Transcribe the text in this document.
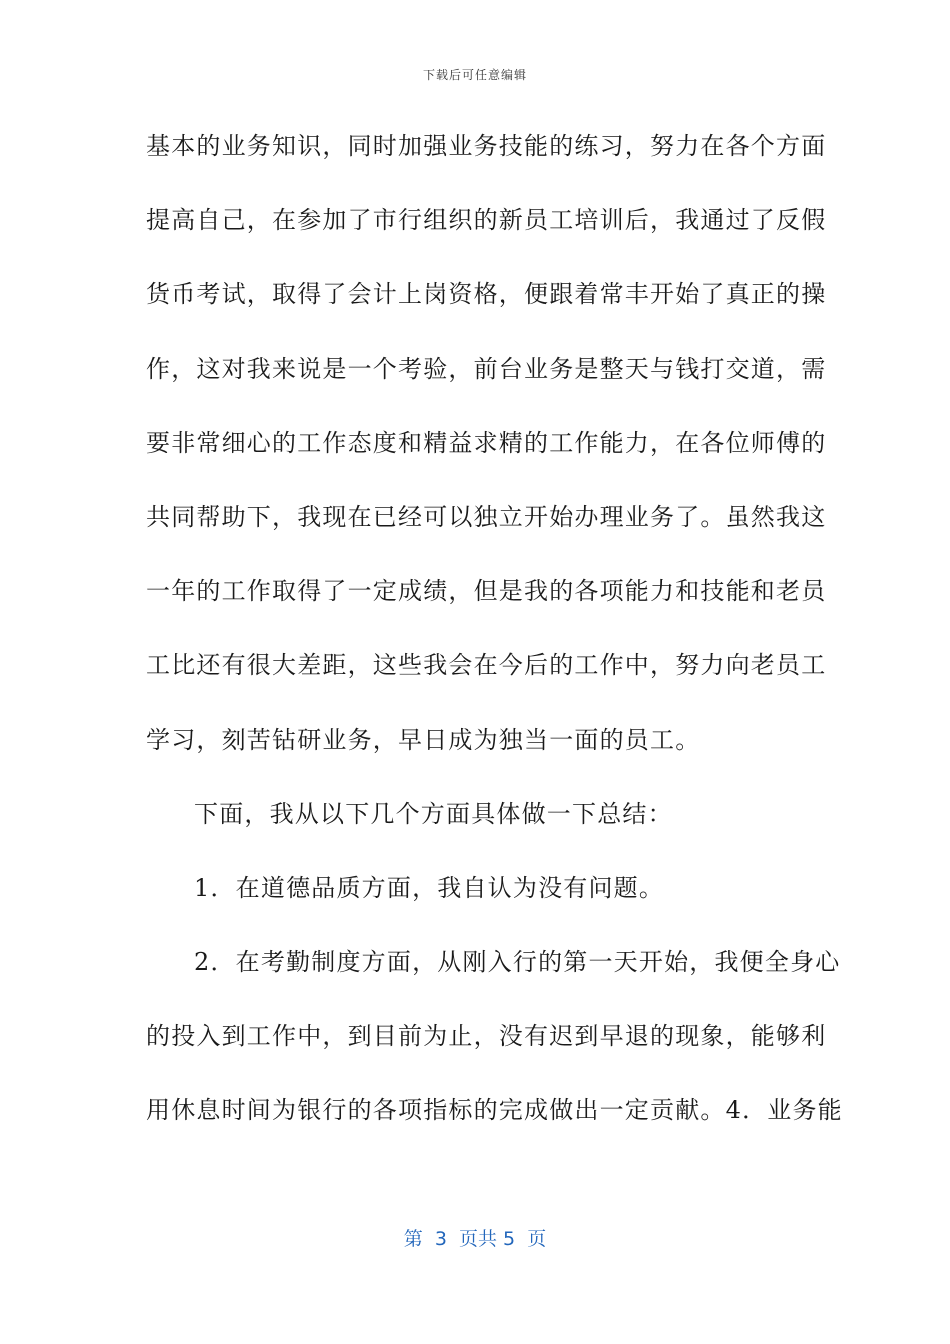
下载后可任意编辑
基本的业务知识，同时加强业务技能的练习，努力在各个方面
提高自己，在参加了市行组织的新员工培训后，我通过了反假
货币考试，取得了会计上岗资格，便跟着常丰开始了真正的操
作，这对我来说是一个考验，前台业务是整天与钱打交道，需
要非常细心的工作态度和精益求精的工作能力，在各位师傅的
共同帮助下，我现在已经可以独立开始办理业务了。虽然我这
一年的工作取得了一定成绩，但是我的各项能力和技能和老员
工比还有很大差距，这些我会在今后的工作中，努力向老员工
学习，刻苦钻研业务，早日成为独当一面的员工。
下面，我从以下几个方面具体做一下总结：
1．在道德品质方面，我自认为没有问题。
2．在考勤制度方面，从刚入行的第一天开始，我便全身心
的投入到工作中，到目前为止，没有迟到早退的现象，能够利
用休息时间为银行的各项指标的完成做出一定贡献。4．业务能
第  3  页共 5  页
